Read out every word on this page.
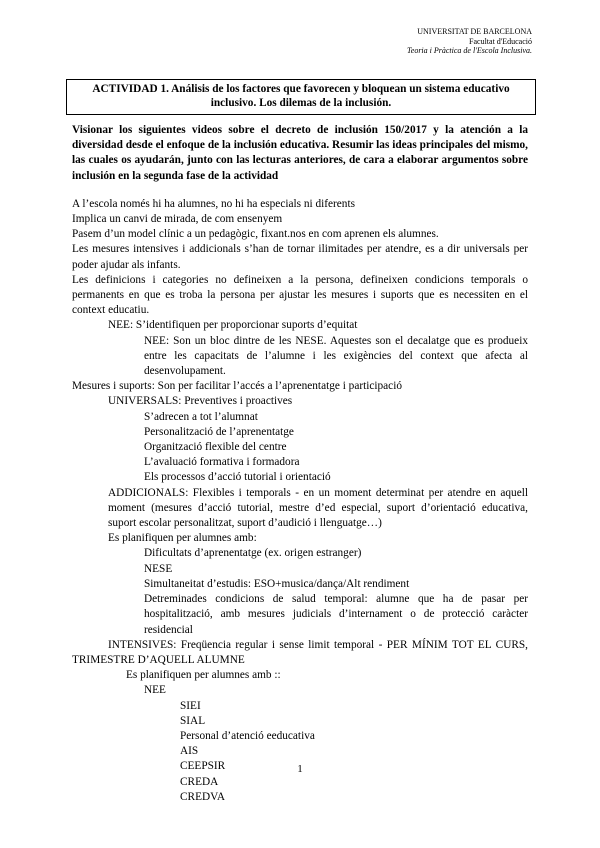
UNIVERSITAT DE BARCELONA
Facultat d'Educació
Teoria i Pràctica de l'Escola Inclusiva.
ACTIVIDAD 1. Análisis de los factores que favorecen y bloquean un sistema educativo inclusivo. Los dilemas de la inclusión.

Visionar los siguientes videos sobre el decreto de inclusión 150/2017 y la atención a la diversidad desde el enfoque de la inclusión educativa. Resumir las ideas principales del mismo, las cuales os ayudarán, junto con las lecturas anteriores, de cara a elaborar argumentos sobre inclusión en la segunda fase de la actividad

A l’escola només hi ha alumnes, no hi ha especials ni diferents
Implica un canvi de mirada, de com ensenyem
Pasem d’un model clínic a un pedagògic, fixant.nos en com aprenen els alumnes.
Les mesures intensives i addicionals s’han de tornar ilimitades per atendre, es a dir universals per poder ajudar als infants.
Les definicions i categories no defineixen a la persona, defineixen condicions temporals o permanents en que es troba la persona per ajustar les mesures i suports que es necessiten en el context educatiu.
NEE: S’identifiquen per proporcionar suports d’equitat
NEE: Son un bloc dintre de les NESE. Aquestes son el decalatge que es produeix entre les capacitats de l’alumne i les exigències del context que afecta al desenvolupament.
Mesures i suports: Son per facilitar l’accés a l’aprenentatge i participació
UNIVERSALS: Preventives i proactives
S’adrecen a tot l’alumnat
Personalització de l’aprenentatge
Organització flexible del centre
L’avaluació formativa i formadora
Els processos d’acció tutorial i orientació
ADDICIONALS: Flexibles i temporals - en un moment determinat per atendre en aquell moment (mesures d’acció tutorial, mestre d’ed especial, suport d’orientació educativa, suport escolar personalitzat, suport d’audició i llenguatge…)
Es planifiquen per alumnes amb:
Dificultats d’aprenentatge (ex. origen estranger)
NESE
Simultaneitat d’estudis: ESO+musica/dança/Alt rendiment
Detreminades condicions de salud temporal: alumne que ha de pasar per hospitalització, amb mesures judicials d’internament o de protecció caràcter residencial
INTENSIVES: Freqüencia regular i sense limit temporal - PER MÍNIM TOT EL CURS, TRIMESTRE D’AQUELL ALUMNE
Es planifiquen per alumnes amb ::
NEE
SIEI
SIAL
Personal d’atenció eeducativa
AIS
CEEPSIR
CREDA
CREDVA
1
